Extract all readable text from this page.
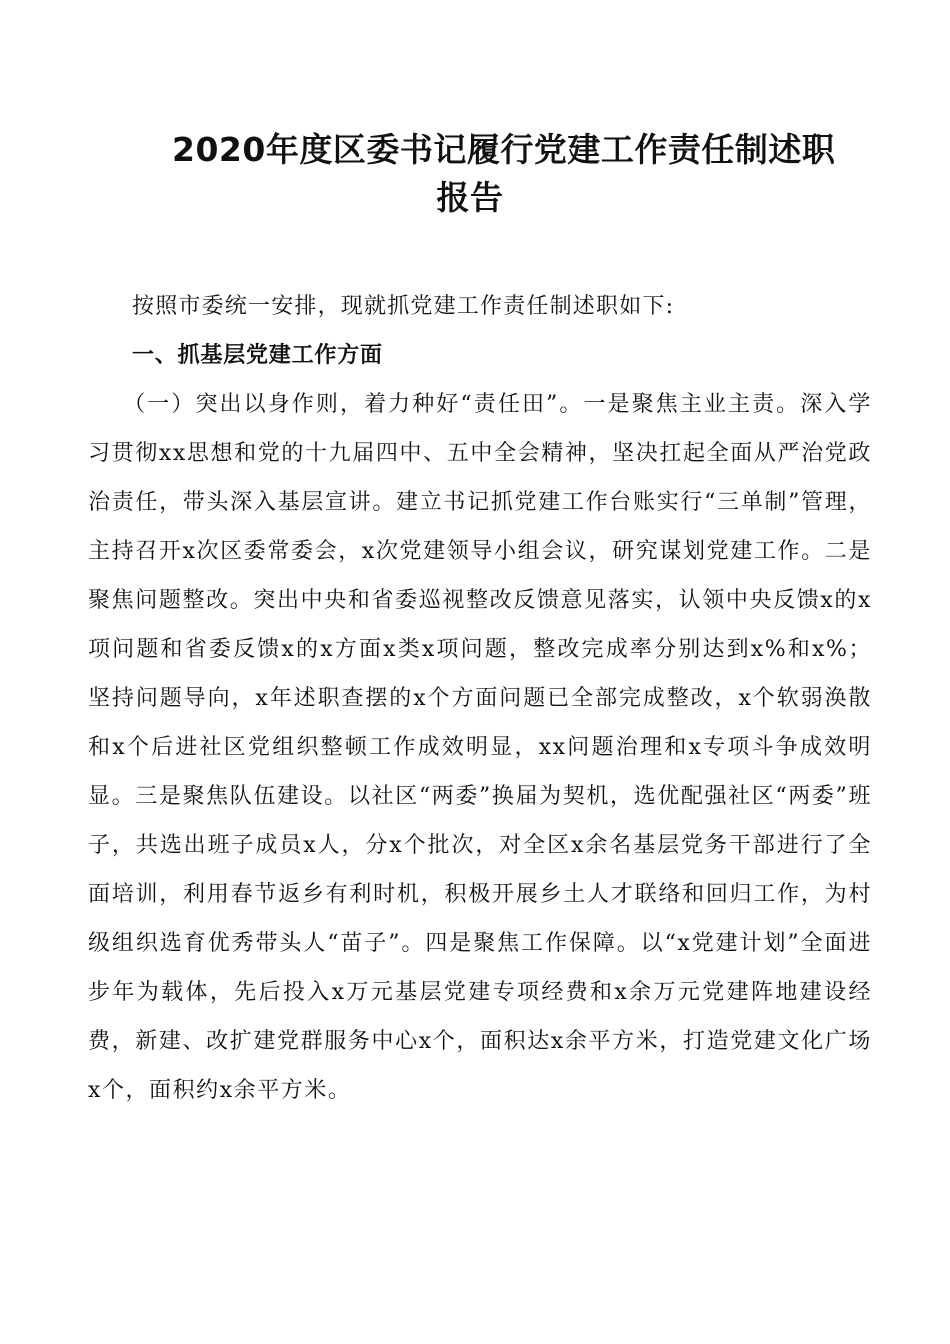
2020年度区委书记履行党建工作责任制述职
报告

按照市委统一安排，现就抓党建工作责任制述职如下:

一、抓基层党建工作方面

（一）突出以身作则，着力种好“责任田”。一是聚焦主业主责。深入学习贯彻xx思想和党的十九届四中、五中全会精神，坚决扛起全面从严治党政治责任，带头深入基层宣讲。建立书记抓党建工作台账实行“三单制”管理，主持召开x次区委常委会，x次党建领导小组会议，研究谋划党建工作。二是聚焦问题整改。突出中央和省委巡视整改反馈意见落实，认领中央反馈x的x项问题和省委反馈x的x方面x类x项问题，整改完成率分别达到x%和x%；坚持问题导向，x年述职查摆的x个方面问题已全部完成整改，x个软弱涣散和x个后进社区党组织整顿工作成效明显，xx问题治理和x专项斗争成效明显。三是聚焦队伍建设。以社区“两委”换届为契机，选优配强社区“两委”班子，共选出班子成员x人，分x个批次，对全区x余名基层党务干部进行了全面培训，利用春节返乡有利时机，积极开展乡土人才联络和回归工作，为村级组织选育优秀带头人“苗子”。四是聚焦工作保障。以“x党建计划”全面进步年为载体，先后投入x万元基层党建专项经费和x余万元党建阵地建设经费，新建、改扩建党群服务中心x个，面积达x余平方米，打造党建文化广场x个，面积约x余平方米。
